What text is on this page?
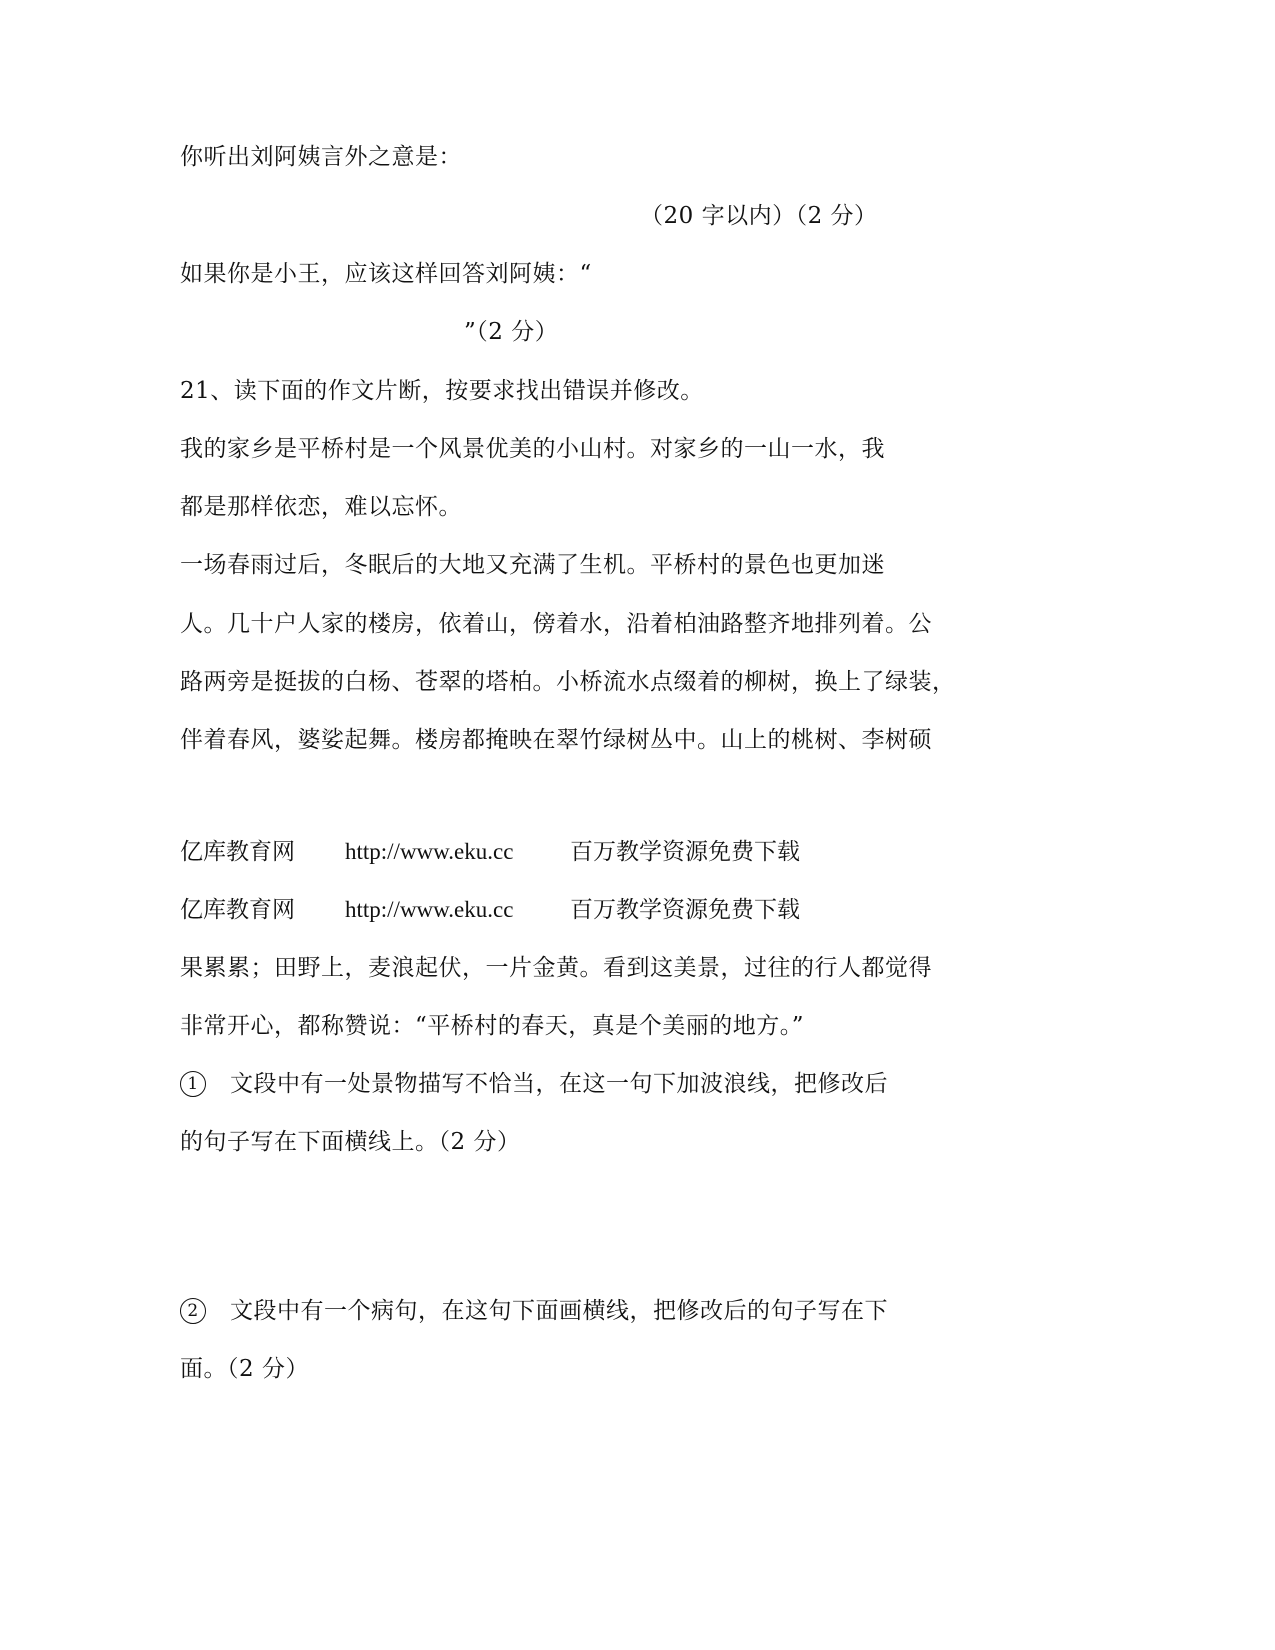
你听出刘阿姨言外之意是：
（20 字以内）（2 分）
如果你是小王，应该这样回答刘阿姨：“
”（2 分）
21、读下面的作文片断，按要求找出错误并修改。
我的家乡是平桥村是一个风景优美的小山村。对家乡的一山一水，我
都是那样依恋，难以忘怀。
一场春雨过后，冬眠后的大地又充满了生机。平桥村的景色也更加迷
人。几十户人家的楼房，依着山，傍着水，沿着柏油路整齐地排列着。公
路两旁是挺拔的白杨、苍翠的塔柏。小桥流水点缀着的柳树，换上了绿装，
伴着春风，婆娑起舞。楼房都掩映在翠竹绿树丛中。山上的桃树、李树硕
亿库教育网 http://www.eku.cc 百万教学资源免费下载
亿库教育网 http://www.eku.cc 百万教学资源免费下载
果累累；田野上，麦浪起伏，一片金黄。看到这美景，过往的行人都觉得
非常开心，都称赞说：“平桥村的春天，真是个美丽的地方。”
1 文段中有一处景物描写不恰当，在这一句下加波浪线，把修改后
的句子写在下面横线上。（2 分）
2 文段中有一个病句，在这句下面画横线，把修改后的句子写在下
面。（2 分）
